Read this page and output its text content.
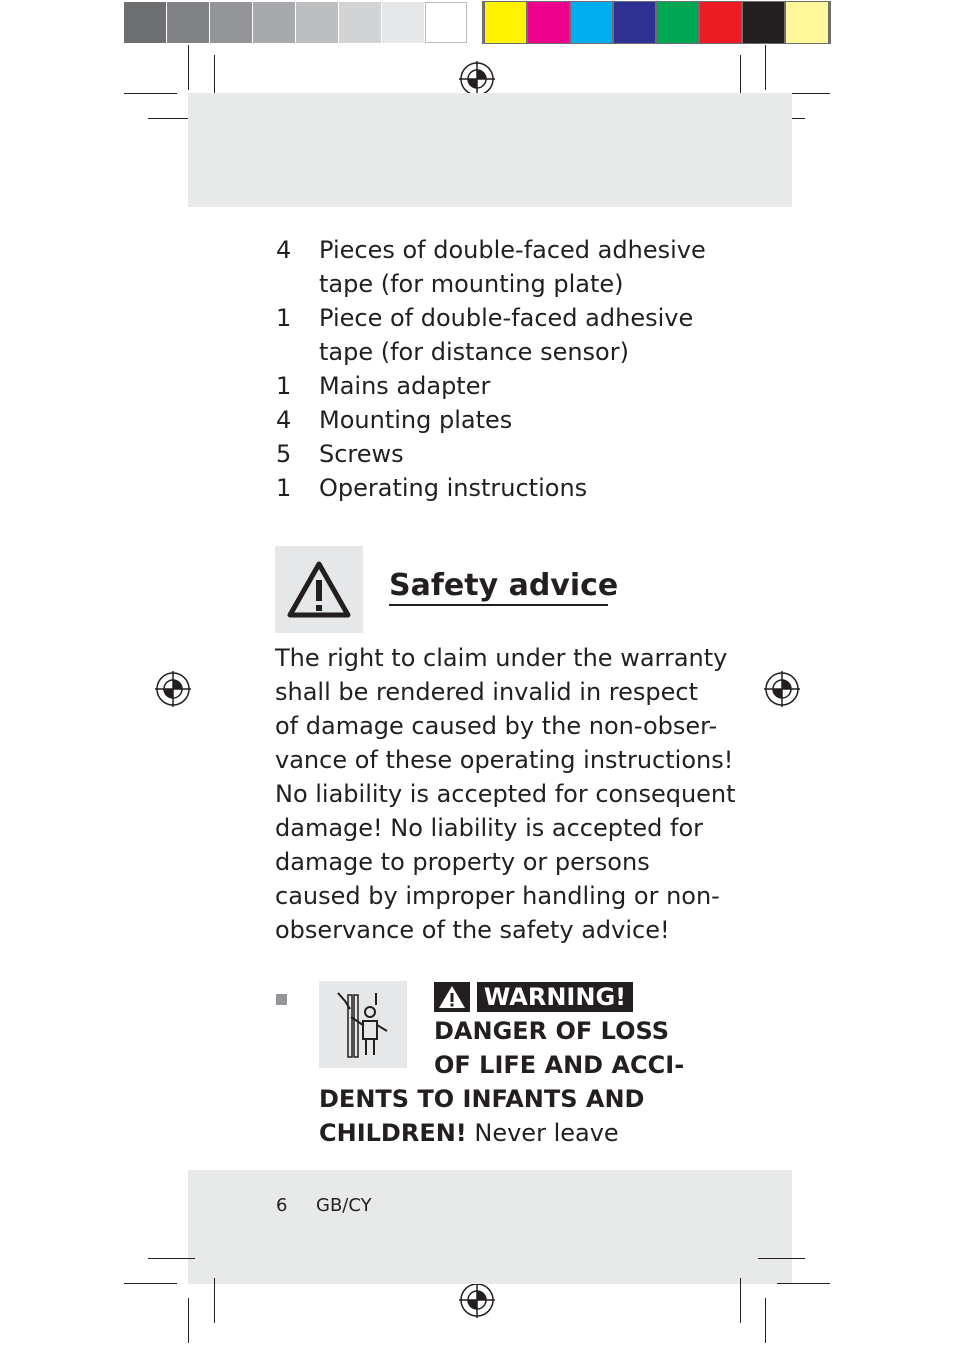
4	Pieces of double-faced adhesive
tape (for mounting plate)
1	Piece of double-faced adhesive
tape (for distance sensor)
1	Mains adapter
4	Mounting plates
5	Screws
1	Operating instructions
Safety advice
The right to claim under the warranty
shall be rendered invalid in respect
of damage caused by the non-obser-
vance of these operating instructions!
No liability is accepted for consequent
damage! No liability is accepted for
damage to property or persons
caused by improper handling or non-
observance of the safety advice!
WARNING!
DANGER OF LOSS
OF LIFE AND ACCI-
DENTS TO INFANTS AND
CHILDREN! Never leave
6 GB/CY
